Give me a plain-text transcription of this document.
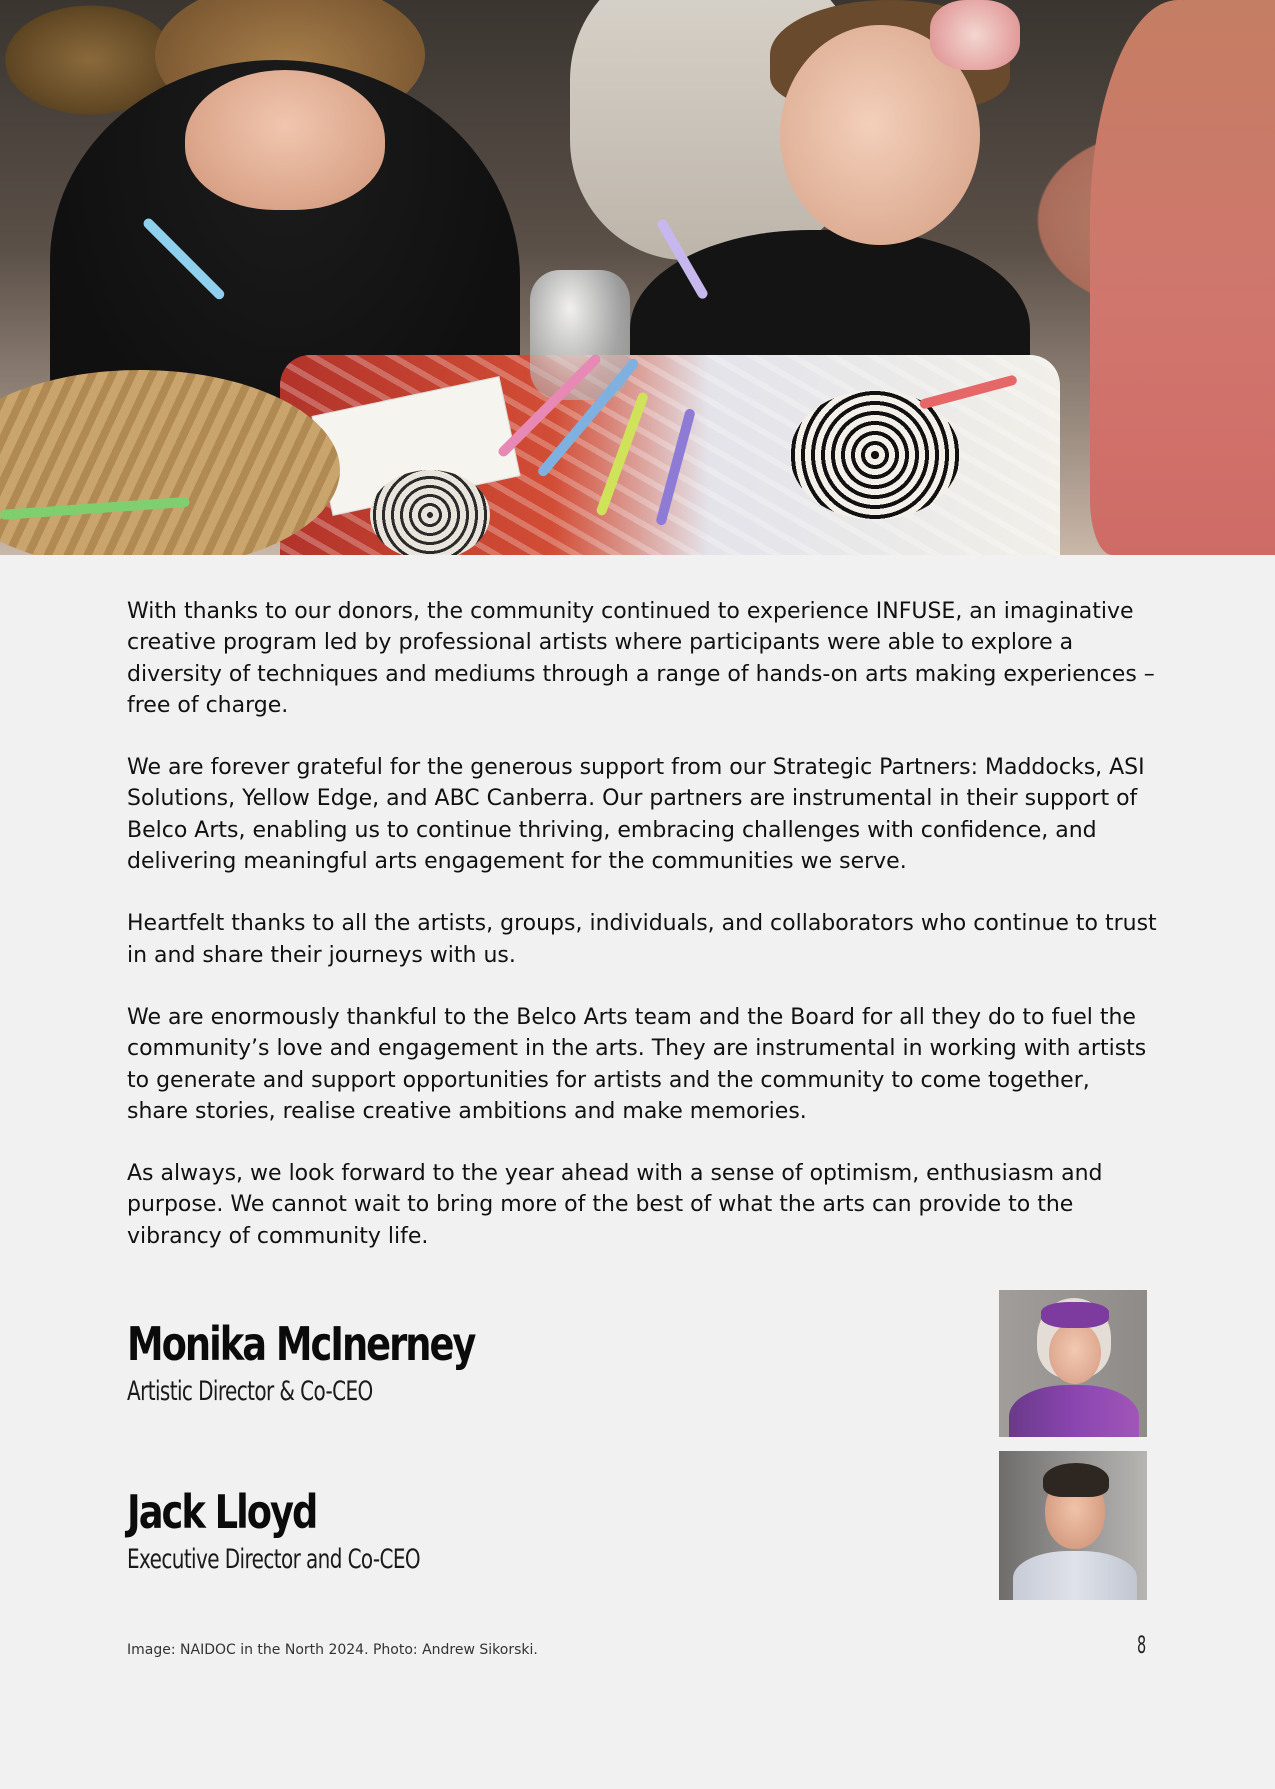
With thanks to our donors, the community continued to experience INFUSE, an imaginative creative program led by professional artists where participants were able to explore a diversity of techniques and mediums through a range of hands-on arts making experiences – free of charge.

We are forever grateful for the generous support from our Strategic Partners: Maddocks, ASI Solutions, Yellow Edge, and ABC Canberra. Our partners are instrumental in their support of Belco Arts, enabling us to continue thriving, embracing challenges with confidence, and delivering meaningful arts engagement for the communities we serve.

Heartfelt thanks to all the artists, groups, individuals, and collaborators who continue to trust in and share their journeys with us.

We are enormously thankful to the Belco Arts team and the Board for all they do to fuel the community’s love and engagement in the arts. They are instrumental in working with artists to generate and support opportunities for artists and the community to come together, share stories, realise creative ambitions and make memories.

As always, we look forward to the year ahead with a sense of optimism, enthusiasm and purpose. We cannot wait to bring more of the best of what the arts can provide to the vibrancy of community life.

Monika McInerney
Artistic Director & Co-CEO
Jack Lloyd
Executive Director and Co-CEO
Image: NAIDOC in the North 2024. Photo: Andrew Sikorski.	8
